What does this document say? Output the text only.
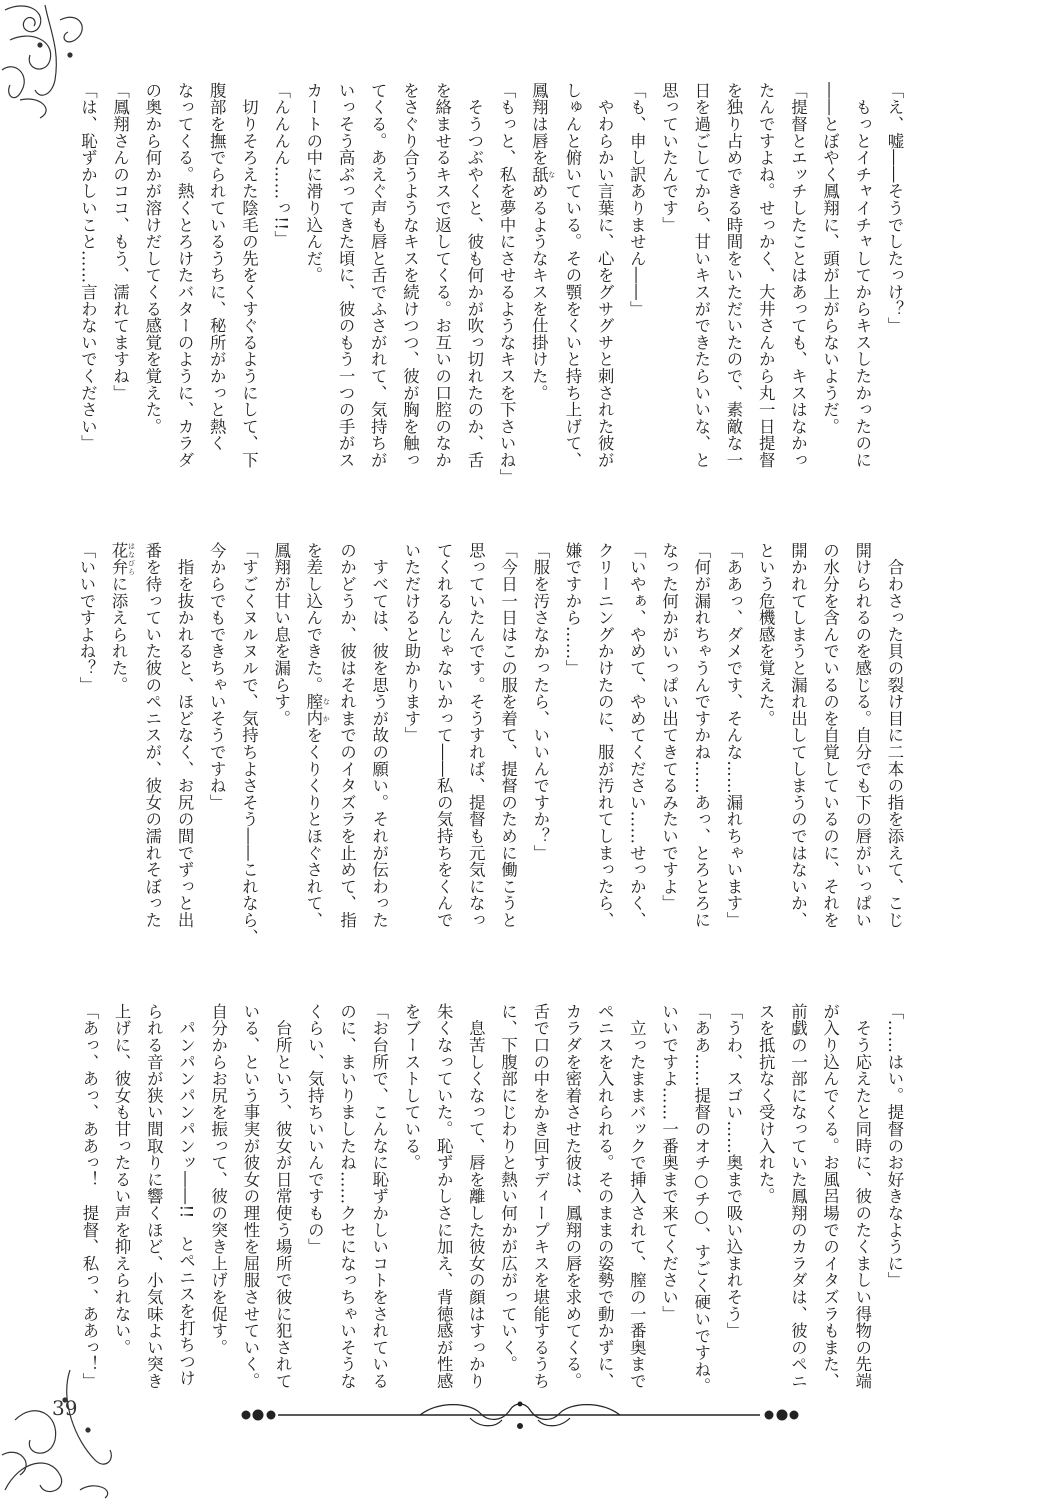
39
「え、嘘――そうでしたっけ？」
　もっとイチャイチャしてからキスしたかったのに
――とぼやく鳳翔に、頭が上がらないようだ。
「提督とエッチしたことはあっても、キスはなかっ
たんですよね。せっかく、大井さんから丸一日提督
を独り占めできる時間をいただいたので、素敵な一
日を過ごしてから、甘いキスができたらいいな、と
思っていたんです」
「も、申し訳ありません――」
　やわらかい言葉に、心をグサグサと刺された彼が
しゅんと俯いている。その顎をくいと持ち上げて、
鳳翔は唇を舐 なめるようなキスを仕掛けた。
「もっと、私を夢中にさせるようなキスを下さいね」
　そうつぶやくと、彼も何かが吹っ切れたのか、舌
を絡ませるキスで返してくる。お互いの口腔のなか
をさぐり合うようなキスを続けつつ、彼が胸を触っ
てくる。あえぐ声も唇と舌でふさがれて、気持ちが
いっそう高ぶってきた頃に、彼のもう一つの手がス
カートの中に滑り込んだ。
「んんんん……っ!!」
　切りそろえた陰毛の先をくすぐるようにして、下
腹部を撫でられているうちに、秘所がかっと熱く
なってくる。熱くとろけたバターのように、カラダ
の奥から何かが溶けだしてくる感覚を覚えた。
「鳳翔さんのココ、もう、濡れてますね」
「は、恥ずかしいこと……言わないでください」
　合わさった貝の裂け目に二本の指を添えて、こじ
開けられるのを感じる。自分でも下の唇がいっぱい
の水分を含んでいるのを自覚しているのに、それを
開かれてしまうと漏れ出してしまうのではないか、
という危機感を覚えた。
「ああっ、ダメです、そんな……漏れちゃいます」
「何が漏れちゃうんですかね……あっ、とろとろに
なった何かがいっぱい出てきてるみたいですよ」
「いやぁ、やめて、やめてください……せっかく、
クリーニングかけたのに、服が汚れてしまったら、
嫌ですから……」
「服を汚さなかったら、いいんですか？」
「今日一日はこの服を着て、提督のために働こうと
思っていたんです。そうすれば、提督も元気になっ
てくれるんじゃないかって――私の気持ちをくんで
いただけると助かります」
　すべては、彼を思うが故の願い。それが伝わった
のかどうか、彼はそれまでのイタズラを止めて、指
を差し込んできた。膣内 なかをくりくりとほぐされて、
鳳翔が甘い息を漏らす。
「すごくヌルヌルで、気持ちよさそう――これなら、
今からでもできちゃいそうですね」
　指を抜かれると、ほどなく、お尻の間でずっと出
番を待っていた彼のペニスが、彼女の濡れそぼった
花弁 はなびらに添えられた。
「いいですよね？」
「……はい。提督のお好きなように」
　そう応えたと同時に、彼のたくましい得物の先端
が入り込んでくる。お風呂場でのイタズラもまた、
前戯の一部になっていた鳳翔のカラダは、彼のペニ
スを抵抗なく受け入れた。
「うわ、スゴい……奥まで吸い込まれそう」
「ああ……提督のオチ○チ○、すごく硬いですね。
いいですよ……一番奥まで来てください」
　立ったままバックで挿入されて、膣の一番奥まで
ペニスを入れられる。そのままの姿勢で動かずに、
カラダを密着させた彼は、鳳翔の唇を求めてくる。
舌で口の中をかき回すディープキスを堪能するうち
に、下腹部にじわりと熱い何かが広がっていく。
　息苦しくなって、唇を離した彼女の顔はすっかり
朱くなっていた。恥ずかしさに加え、背徳感が性感
をブーストしている。
「お台所で、こんなに恥ずかしいコトをされている
のに、まいりましたね……クセになっちゃいそうな
くらい、気持ちいいんですもの」
　台所という、彼女が日常使う場所で彼に犯されて
いる、という事実が彼女の理性を屈服させていく。
自分からお尻を振って、彼の突き上げを促す。
　パンパンパンパンッ――!!　とペニスを打ちつけ
られる音が狭い間取りに響くほど、小気味よい突き
上げに、彼女も甘ったるい声を抑えられない。
「あっ、あっ、ああっ！　提督、私っ、ああっ！」
